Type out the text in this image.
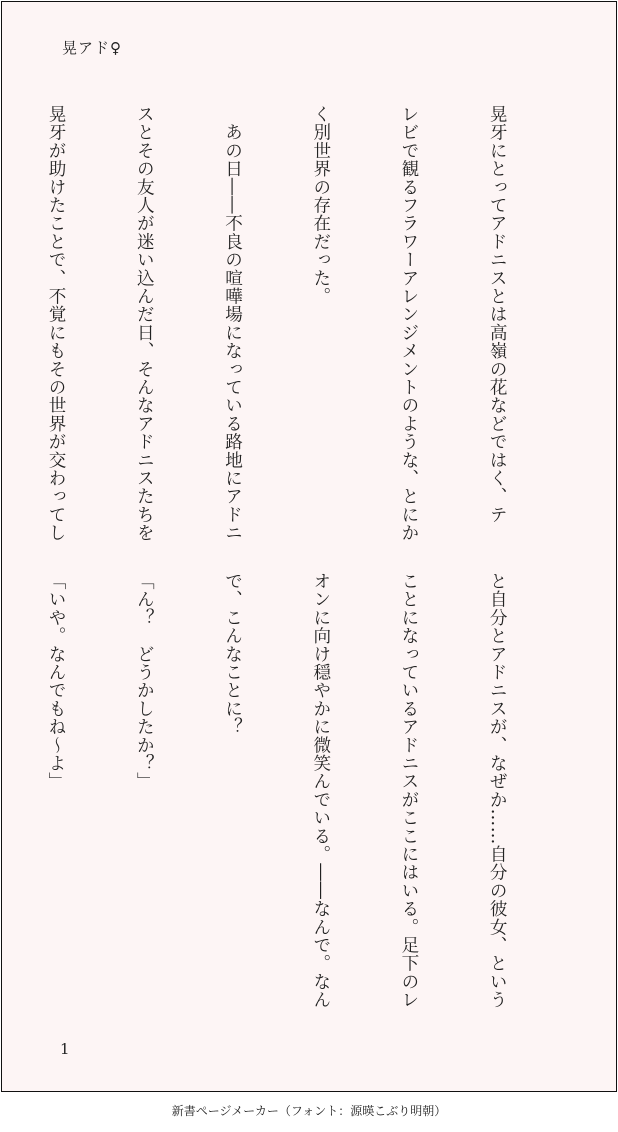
晃アド♀

晃牙にとってアドニスとは高嶺の花などではく、テ

レビで観るフラワーアレンジメントのような、とにか

く別世界の存在だった。

　あの日――不良の喧嘩場になっている路地にアドニ

スとその友人が迷い込んだ日、そんなアドニスたちを

晃牙が助けたことで、不覚にもその世界が交わってし

と自分とアドニスが、なぜか……自分の彼女、という

ことになっているアドニスがここにはいる。足下のレ

オンに向け穏やかに微笑んでいる。――なんで。なん

で、こんなことに？

「ん？　どうかしたか？」

「いや。なんでもね～よ」

1
新書ページメーカー（フォント：源暎こぶり明朝）
